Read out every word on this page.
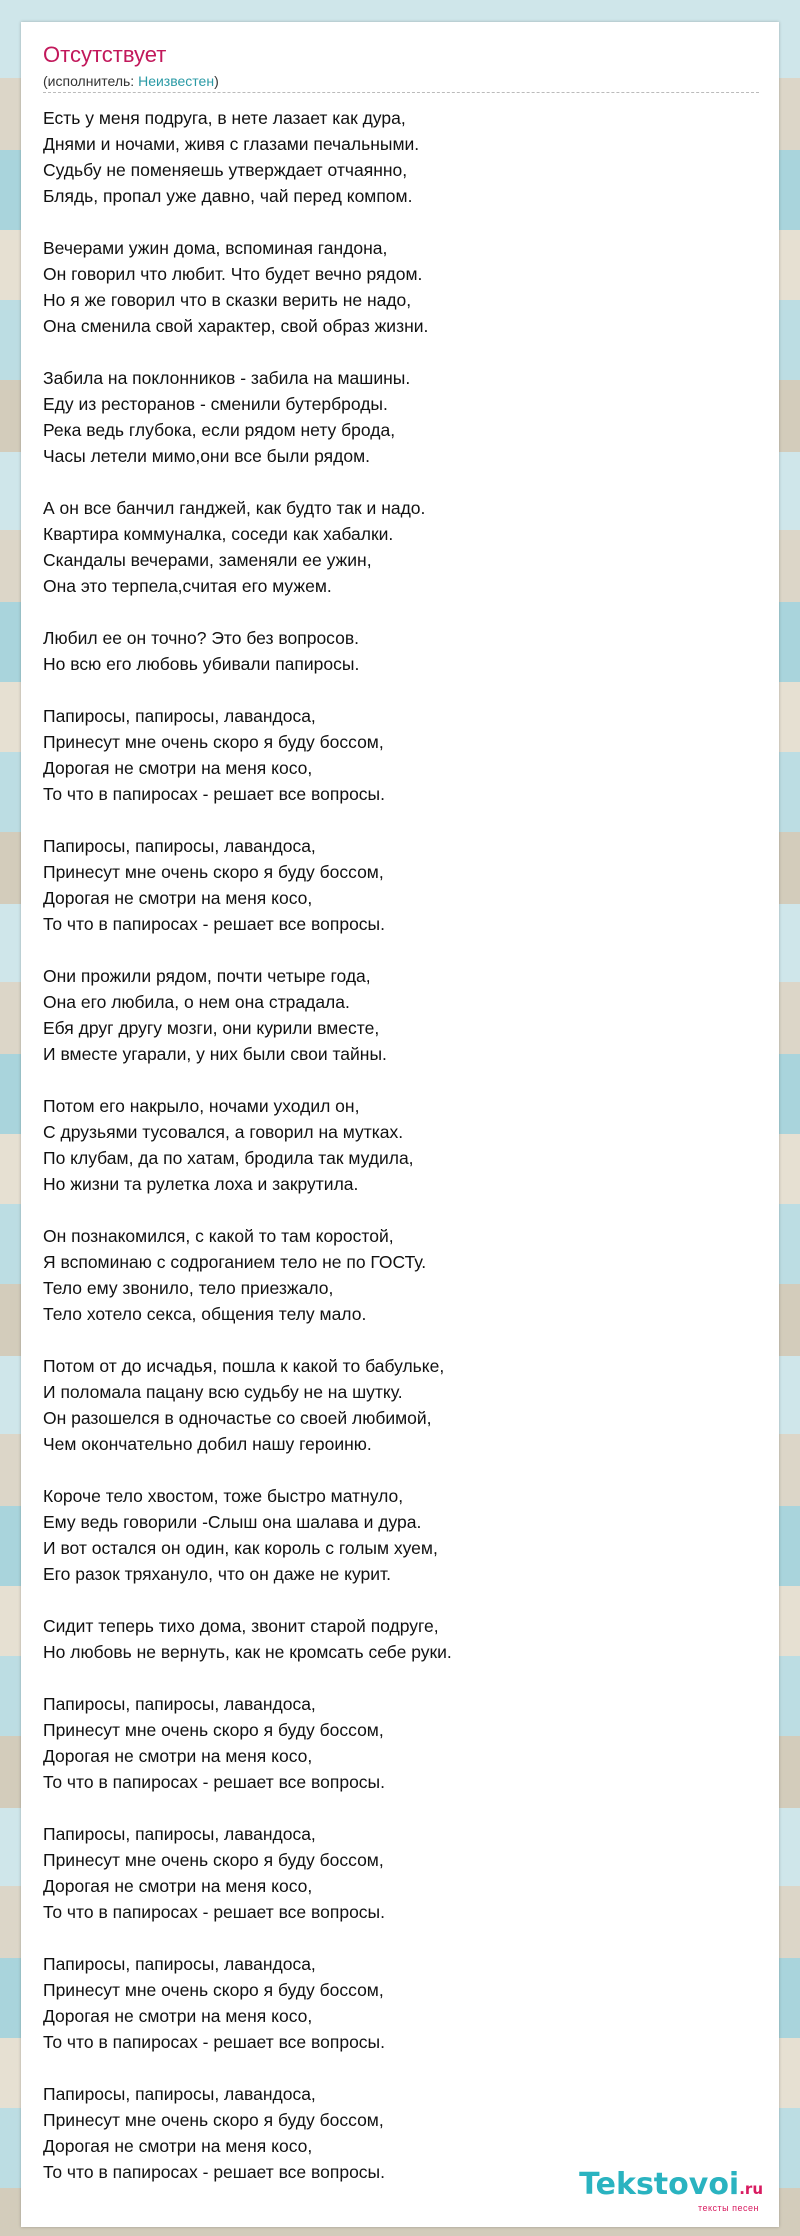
Отсутствует
(исполнитель: Неизвестен)
Есть у меня подруга, в нете лазает как дура,
Днями и ночами, живя с глазами печальными.
Судьбу не поменяешь утверждает отчаянно,
Блядь, пропал уже давно, чай перед компом.
Вечерами ужин дома, вспоминая гандона,
Он говорил что любит. Что будет вечно рядом.
Но я же говорил что в сказки верить не надо,
Она сменила свой характер, свой образ жизни.
Забила на поклонников - забила на машины.
Еду из ресторанов - сменили бутерброды.
Река ведь глубока, если рядом нету брода,
Часы летели мимо,они все были рядом.
А он все банчил ганджей, как будто так и надо.
Квартира коммуналка, соседи как хабалки.
Скандалы вечерами, заменяли ее ужин,
Она это терпела,считая его мужем.
Любил ее он точно? Это без вопросов.
Но всю его любовь убивали папиросы.
Папиросы, папиросы, лавандоса,
Принесут мне очень скоро я буду боссом,
Дорогая не смотри на меня косо,
То что в папиросах - решает все вопросы.
Папиросы, папиросы, лавандоса,
Принесут мне очень скоро я буду боссом,
Дорогая не смотри на меня косо,
То что в папиросах - решает все вопросы.
Они прожили рядом, почти четыре года,
Она его любила, о нем она страдала.
Ебя друг другу мозги, они курили вместе,
И вместе угарали, у них были свои тайны.
Потом его накрыло, ночами уходил он,
С друзьями тусовался, а говорил на мутках.
По клубам, да по хатам, бродила так мудила,
Но жизни та рулетка лоха и закрутила.
Он познакомился, с какой то там коростой,
Я вспоминаю с содроганием тело не по ГОСТу.
Тело ему звонило, тело приезжало,
Тело хотело секса, общения телу мало.
Потом от до исчадья, пошла к какой то бабульке,
И поломала пацану всю судьбу не на шутку.
Он разошелся в одночастье со своей любимой,
Чем окончательно добил нашу героиню.
Короче тело хвостом, тоже быстро матнуло,
Ему ведь говорили -Слыш она шалава и дура.
И вот остался он один, как король с голым хуем,
Его разок тряхануло, что он даже не курит.
Сидит теперь тихо дома, звонит старой подруге,
Но любовь не вернуть, как не кромсать себе руки.
Папиросы, папиросы, лавандоса,
Принесут мне очень скоро я буду боссом,
Дорогая не смотри на меня косо,
То что в папиросах - решает все вопросы.
Папиросы, папиросы, лавандоса,
Принесут мне очень скоро я буду боссом,
Дорогая не смотри на меня косо,
То что в папиросах - решает все вопросы.
Папиросы, папиросы, лавандоса,
Принесут мне очень скоро я буду боссом,
Дорогая не смотри на меня косо,
То что в папиросах - решает все вопросы.
Папиросы, папиросы, лавандоса,
Принесут мне очень скоро я буду боссом,
Дорогая не смотри на меня косо,
То что в папиросах - решает все вопросы.	Tekstovoi.ru
тексты песен
